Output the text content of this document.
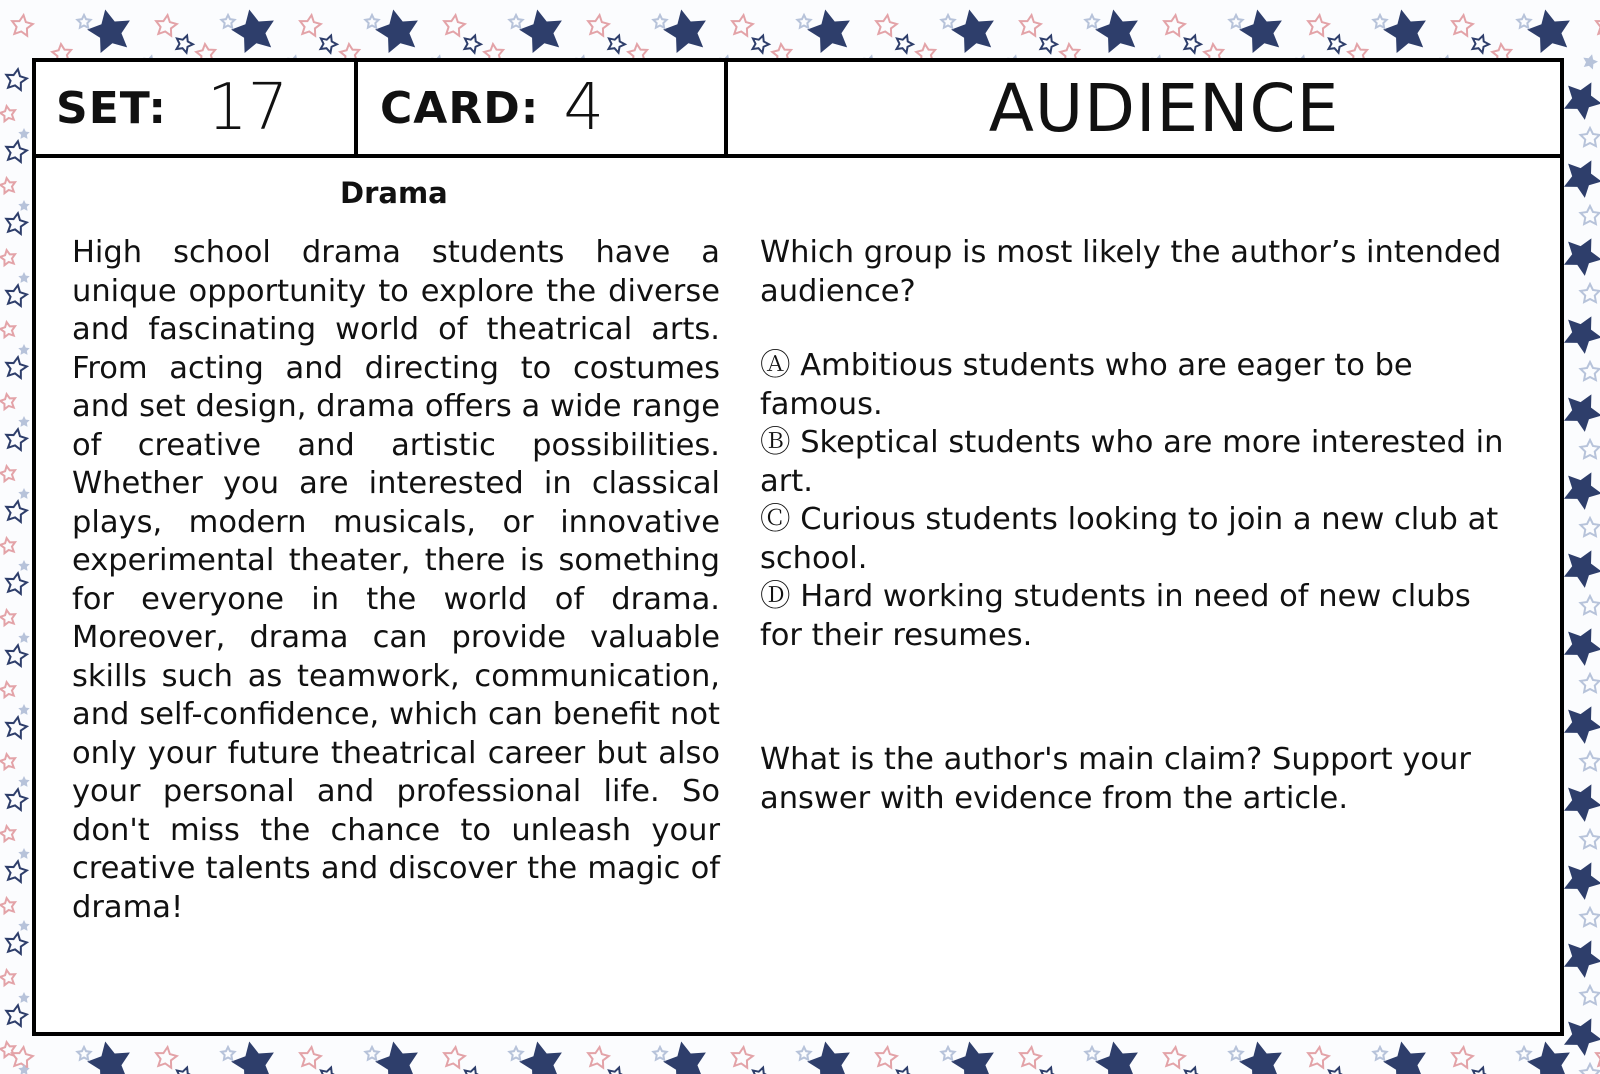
SET: 17 CARD: 4	AUDIENCE
Drama
High school drama students have a unique opportunity to explore the diverse and fascinating world of theatrical arts. From acting and directing to costumes and set design, drama offers a wide range of creative and artistic possibilities. Whether you are interested in classical plays, modern musicals, or innovative experimental theater, there is something for everyone in the world of drama. Moreover, drama can provide valuable skills such as teamwork, communication, and self-confidence, which can benefit not only your future theatrical career but also your personal and professional life. So don't miss the chance to unleash your creative talents and discover the magic of drama!
Which group is most likely the author’s intended audience?
Ⓐ Ambitious students who are eager to be famous.
Ⓑ Skeptical students who are more interested in art.
Ⓒ Curious students looking to join a new club at school.
Ⓓ Hard working students in need of new clubs for their resumes.
What is the author's main claim? Support your answer with evidence from the article.
